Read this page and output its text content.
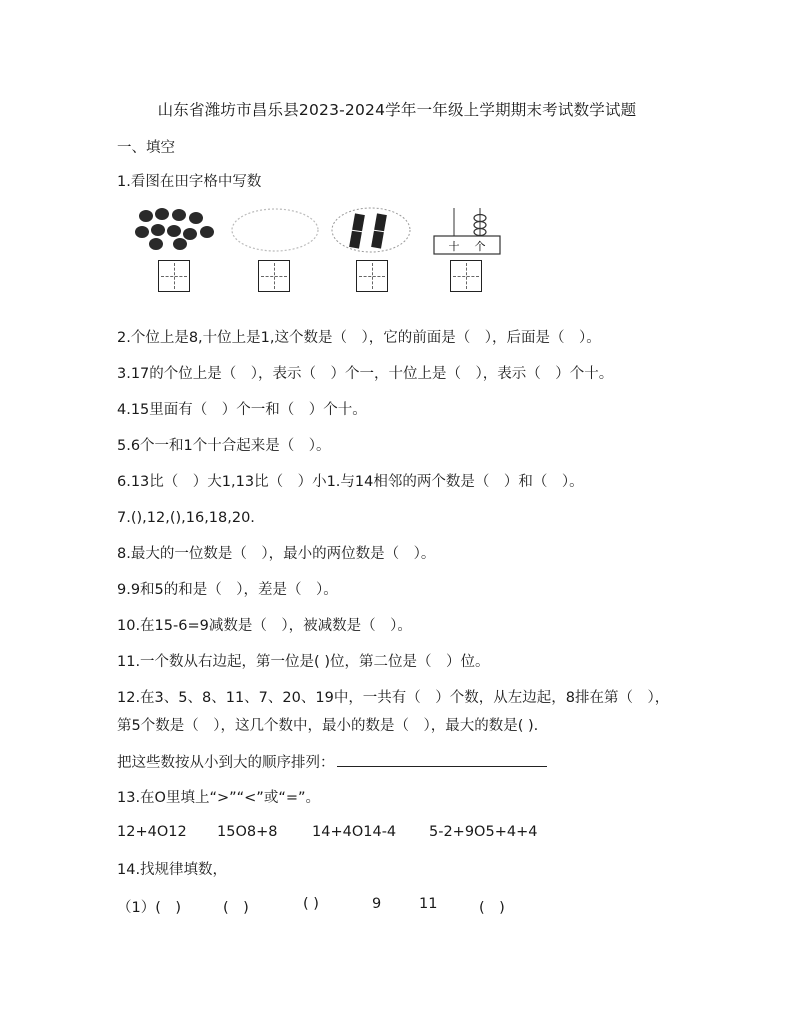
山东省潍坊市昌乐县2023-2024学年一年级上学期期末考试数学试题
一、填空
1.看图在田字格中写数
十 个
2.个位上是8,十位上是1,这个数是（　），它的前面是（　），后面是（　）。
3.17的个位上是（　），表示（　）个一，十位上是（　），表示（　）个十。
4.15里面有（　）个一和（　）个十。
5.6个一和1个十合起来是（　）。
6.13比（　）大1,13比（　）小1.与14相邻的两个数是（　）和（　）。
7.(),12,(),16,18,20.
8.最大的一位数是（　），最小的两位数是（　）。
9.9和5的和是（　），差是（　）。
10.在15-6=9减数是（　），被减数是（　）。
11.一个数从右边起，第一位是( )位，第二位是（　）位。
12.在3、5、8、11、7、20、19中，一共有（　）个数，从左边起，8排在第（　），
第5个数是（　），这几个数中，最小的数是（　），最大的数是( ).
把这些数按从小到大的顺序排列：
13.在O里填上“>”“<”或“=”。
12+4O12 15O8+8 14+4O14-4 5-2+9O5+4+4
14.找规律填数，
（1）(　)	(　)	( )	9	11	(　)
